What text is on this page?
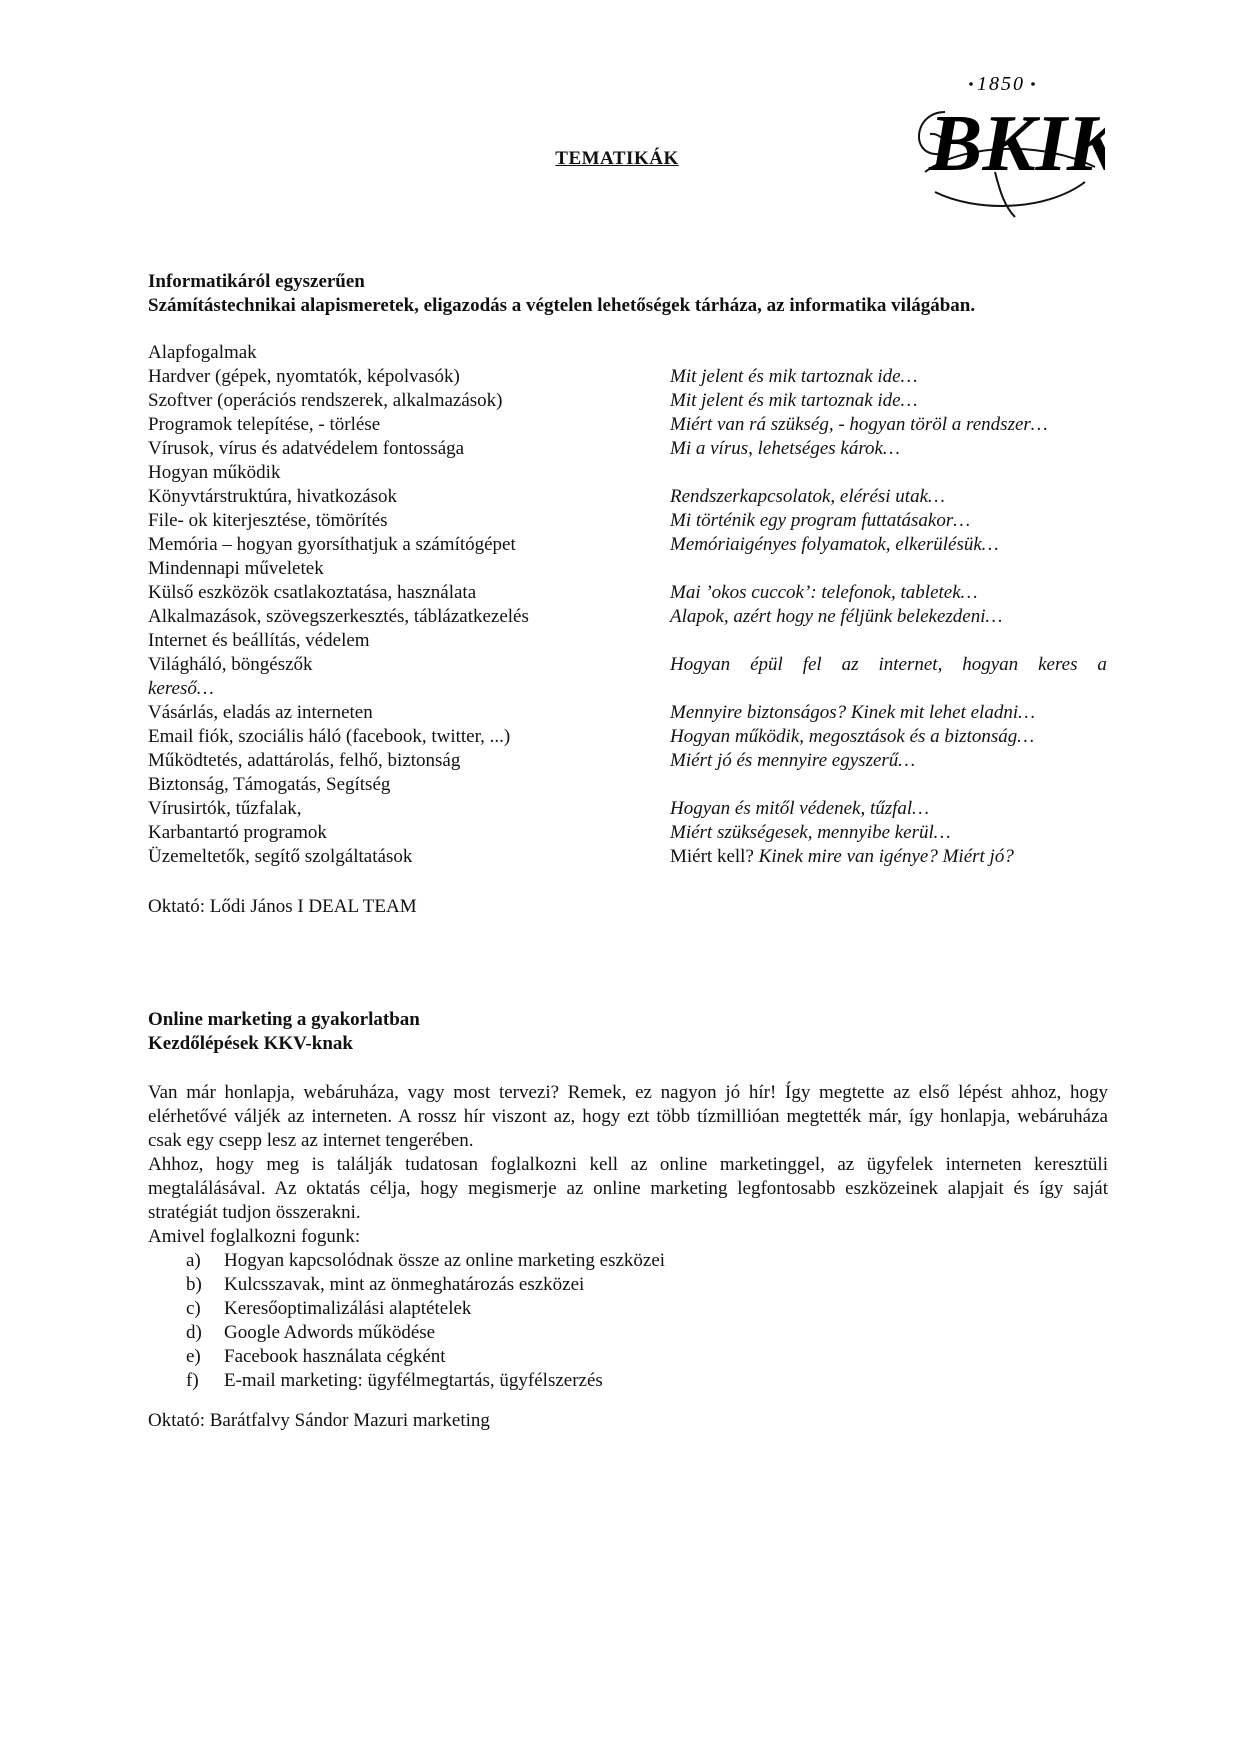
1850
BKIK
TEMATIKÁK
Informatikáról egyszerűen
Számítástechnikai alapismeretek, eligazodás a végtelen lehetőségek tárháza, az informatika világában.
Alapfogalmak
Hardver (gépek, nyomtatók, képolvasók)	Mit jelent és mik tartoznak ide…
Szoftver (operációs rendszerek, alkalmazások)	Mit jelent és mik tartoznak ide…
Programok telepítése, - törlése	Miért van rá szükség, - hogyan töröl a rendszer…
Vírusok, vírus és adatvédelem fontossága	Mi a vírus, lehetséges károk…
Hogyan működik
Könyvtárstruktúra, hivatkozások	Rendszerkapcsolatok, elérési utak…
File- ok kiterjesztése, tömörítés	Mi történik egy program futtatásakor…
Memória – hogyan gyorsíthatjuk a számítógépet	Memóriaigényes folyamatok, elkerülésük…
Mindennapi műveletek
Külső eszközök csatlakoztatása, használata	Mai ’okos cuccok’: telefonok, tabletek…
Alkalmazások, szövegszerkesztés, táblázatkezelés	Alapok, azért hogy ne féljünk belekezdeni…
Internet és beállítás, védelem
Világháló, böngészők	Hogyan épül fel az internet, hogyan keres a
kereső…
Vásárlás, eladás az interneten	Mennyire biztonságos? Kinek mit lehet eladni…
Email fiók, szociális háló (facebook, twitter, ...)	Hogyan működik, megosztások és a biztonság…
Működtetés, adattárolás, felhő, biztonság	Miért jó és mennyire egyszerű…
Biztonság, Támogatás, Segítség
Vírusirtók, tűzfalak,	Hogyan és mitől védenek, tűzfal…
Karbantartó programok	Miért szükségesek, mennyibe kerül…
Üzemeltetők, segítő szolgáltatások	Miért kell? Kinek mire van igénye? Miért jó?
Oktató: Lődi János I DEAL TEAM
Online marketing a gyakorlatban
Kezdőlépések KKV-knak

Van már honlapja, webáruháza, vagy most tervezi? Remek, ez nagyon jó hír! Így megtette az első lépést ahhoz, hogy elérhetővé váljék az interneten. A rossz hír viszont az, hogy ezt több tízmillióan megtették már, így honlapja, webáruháza csak egy csepp lesz az internet tengerében.

Ahhoz, hogy meg is találják tudatosan foglalkozni kell az online marketinggel, az ügyfelek interneten keresztüli megtalálásával. Az oktatás célja, hogy megismerje az online marketing legfontosabb eszközeinek alapjait és így saját stratégiát tudjon összerakni.

Amivel foglalkozni fogunk:

a) Hogyan kapcsolódnak össze az online marketing eszközei
b) Kulcsszavak, mint az önmeghatározás eszközei
c) Keresőoptimalizálási alaptételek
d) Google Adwords működése
e) Facebook használata cégként
f) E-mail marketing: ügyfélmegtartás, ügyfélszerzés
Oktató: Barátfalvy Sándor Mazuri marketing
